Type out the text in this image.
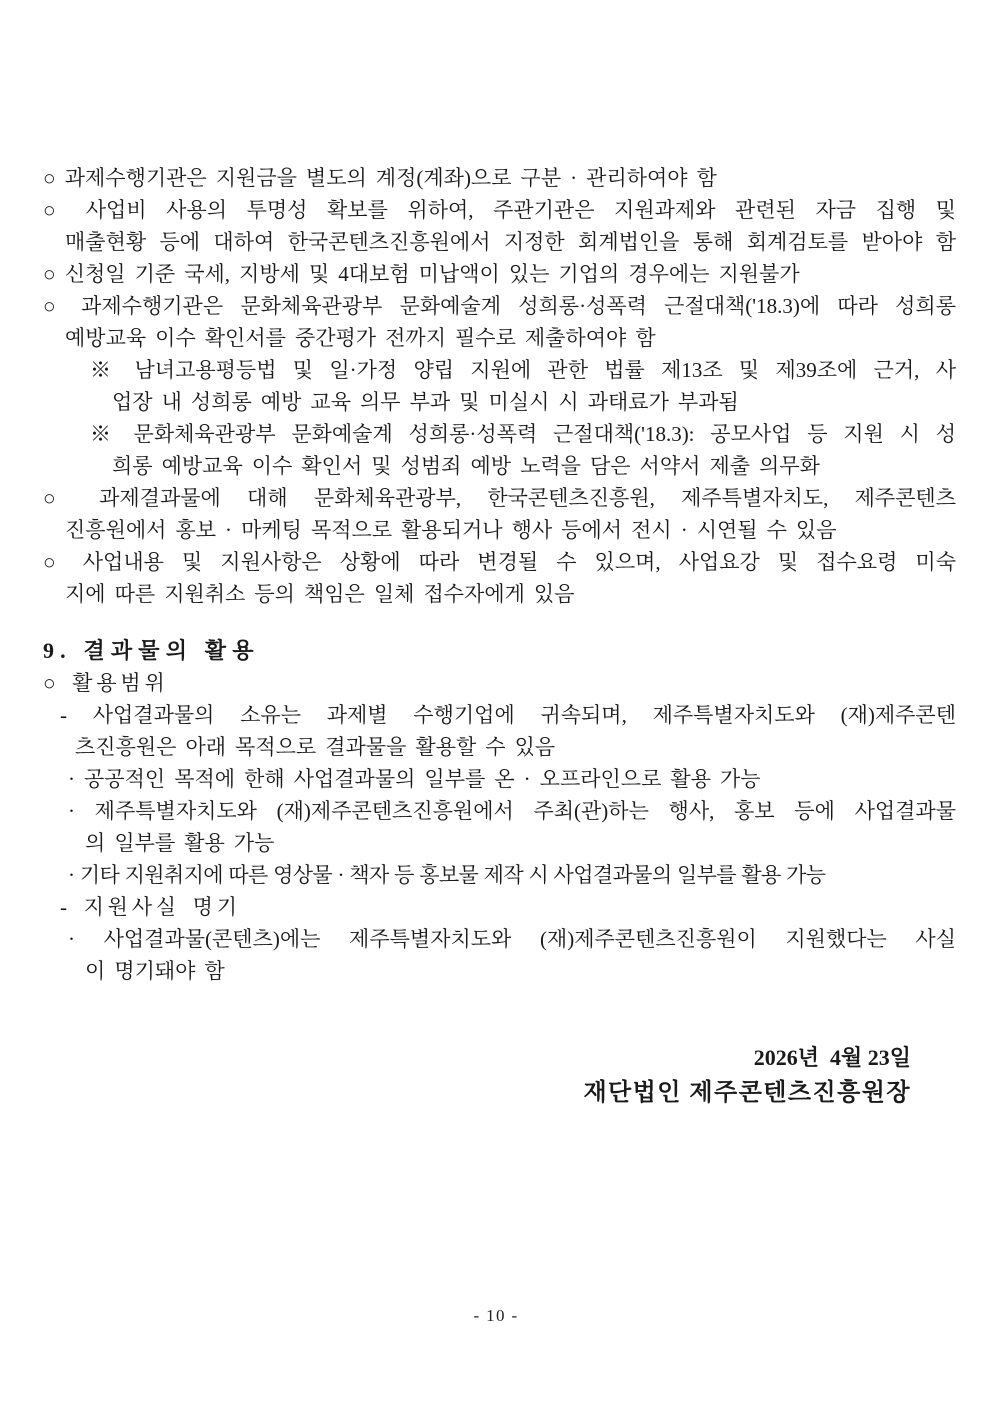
○ 과제수행기관은 지원금을 별도의 계정(계좌)으로 구분 · 관리하여야 함
○ 사업비 사용의 투명성 확보를 위하여, 주관기관은 지원과제와 관련된 자금 집행 및
매출현황 등에 대하여 한국콘텐츠진흥원에서 지정한 회계법인을 통해 회계검토를 받아야 함
○ 신청일 기준 국세, 지방세 및 4대보험 미납액이 있는 기업의 경우에는 지원불가
○ 과제수행기관은 문화체육관광부 문화예술계 성희롱·성폭력 근절대책('18.3)에 따라 성희롱
예방교육 이수 확인서를 중간평가 전까지 필수로 제출하여야 함
※ 남녀고용평등법 및 일·가정 양립 지원에 관한 법률 제13조 및 제39조에 근거, 사
업장 내 성희롱 예방 교육 의무 부과 및 미실시 시 과태료가 부과됨
※ 문화체육관광부 문화예술계 성희롱·성폭력 근절대책('18.3): 공모사업 등 지원 시 성
희롱 예방교육 이수 확인서 및 성범죄 예방 노력을 담은 서약서 제출 의무화
○ 과제결과물에 대해 문화체육관광부, 한국콘텐츠진흥원, 제주특별자치도, 제주콘텐츠
진흥원에서 홍보 · 마케팅 목적으로 활용되거나 행사 등에서 전시 · 시연될 수 있음
○ 사업내용 및 지원사항은 상황에 따라 변경될 수 있으며, 사업요강 및 접수요령 미숙
지에 따른 지원취소 등의 책임은 일체 접수자에게 있음
9. 결과물의 활용
○ 활용범위
- 사업결과물의 소유는 과제별 수행기업에 귀속되며, 제주특별자치도와 (재)제주콘텐
츠진흥원은 아래 목적으로 결과물을 활용할 수 있음
· 공공적인 목적에 한해 사업결과물의 일부를 온 · 오프라인으로 활용 가능
· 제주특별자치도와 (재)제주콘텐츠진흥원에서 주최(관)하는 행사, 홍보 등에 사업결과물
의 일부를 활용 가능
· 기타 지원취지에 따른 영상물 · 책자 등 홍보물 제작 시 사업결과물의 일부를 활용 가능
- 지원사실 명기
· 사업결과물(콘텐츠)에는 제주특별자치도와 (재)제주콘텐츠진흥원이 지원했다는 사실
이 명기돼야 함
2026년  4월 23일
재단법인 제주콘텐츠진흥원장
- 10 -
